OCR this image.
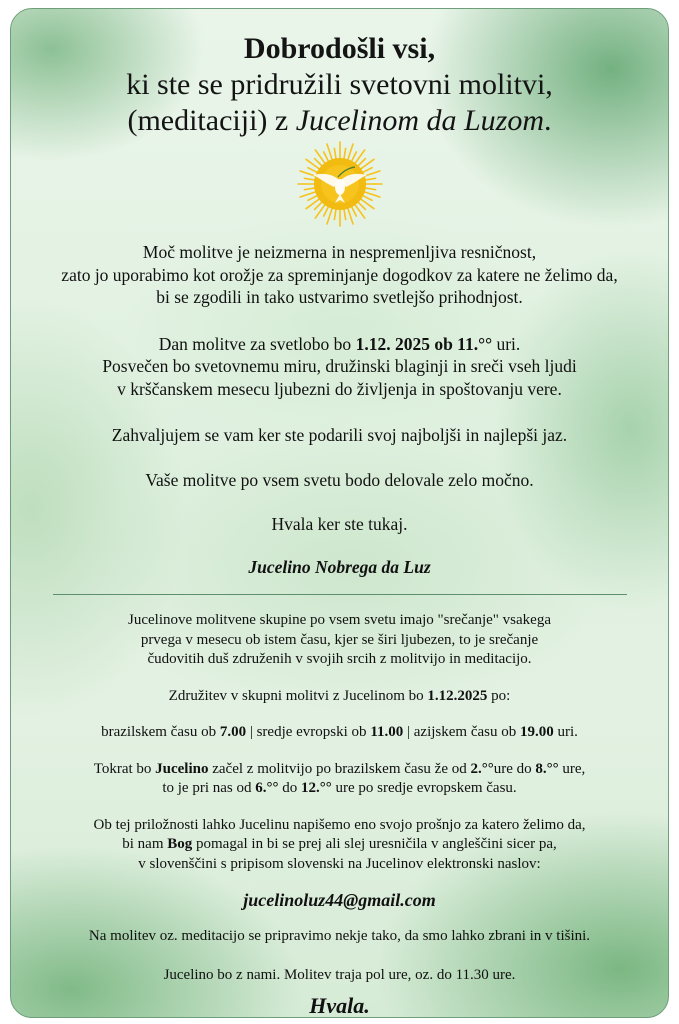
Dobrodošli vsi,
ki ste se pridružili svetovni molitvi,
(meditaciji) z Jucelinom da Luzom.

Moč molitve je neizmerna in nespremenljiva resničnost,

zato jo uporabimo kot orožje za spreminjanje dogodkov za katere ne želimo da,

bi se zgodili in tako ustvarimo svetlejšo prihodnjost.

Dan molitve za svetlobo bo 1.12. 2025 ob 11.°° uri.

Posvečen bo svetovnemu miru, družinski blaginji in sreči vseh ljudi

v krščanskem mesecu ljubezni do življenja in spoštovanju vere.

Zahvaljujem se vam ker ste podarili svoj najboljši in najlepši jaz.

Vaše molitve po vsem svetu bodo delovale zelo močno.

Hvala ker ste tukaj.

Jucelino Nobrega da Luz

Jucelinove molitvene skupine po vsem svetu imajo "srečanje" vsakega

prvega v mesecu ob istem času, kjer se širi ljubezen, to je srečanje

čudovitih duš združenih v svojih srcih z molitvijo in meditacijo.

Združitev v skupni molitvi z Jucelinom bo 1.12.2025 po:

brazilskem času ob 7.00 | sredje evropski ob 11.00 | azijskem času ob 19.00 uri.

Tokrat bo Jucelino začel z molitvijo po brazilskem času že od 2.°°ure do 8.°° ure,

to je pri nas od 6.°° do 12.°° ure po sredje evropskem času.

Ob tej priložnosti lahko Jucelinu napišemo eno svojo prošnjo za katero želimo da,

bi nam Bog pomagal in bi se prej ali slej uresničila v angleščini sicer pa,

v slovenščini s pripisom slovenski na Jucelinov elektronski naslov:

jucelinoluz44@gmail.com

Na molitev oz. meditacijo se pripravimo nekje tako, da smo lahko zbrani in v tišini.

Jucelino bo z nami. Molitev traja pol ure, oz. do 11.30 ure.

Hvala.
